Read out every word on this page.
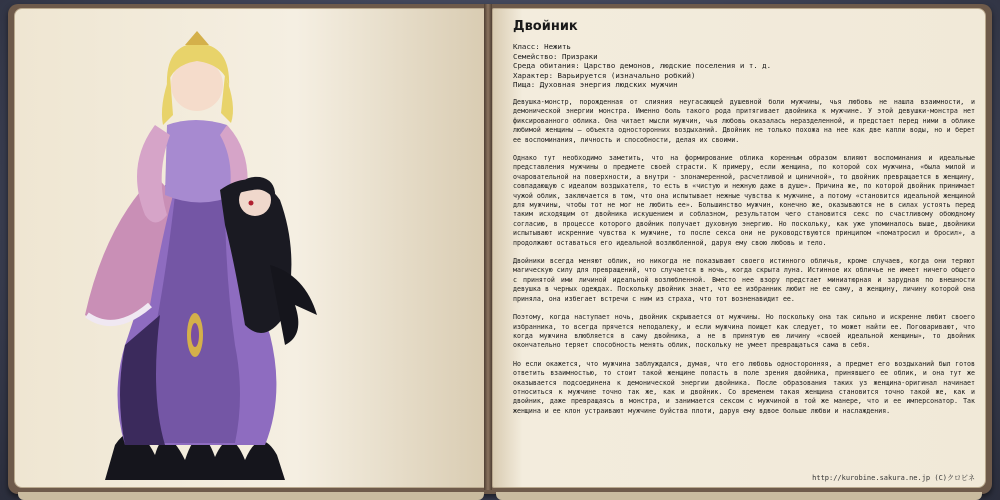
Двойник
Класс: Нежить
Семейство: Призраки
Среда обитания: Царство демонов, людские поселения и т. д.
Характер: Варьируется (изначально робкий)
Пища: Духовная энергия людских мужчин

Девушка-монстр, порожденная от слияния неугасающей душевной боли мужчины, чья любовь не нашла взаимности, и демонической энергии монстра. Именно боль такого рода притягивает двойника к мужчине. У этой девушки-монстра нет фиксированного облика. Она читает мысли мужчин, чья любовь оказалась неразделенной, и предстает перед ними в облике любимой женщины – объекта односторонних воздыханий. Двойник не только похожа на нее как две капли воды, но и берет ее воспоминания, личность и способности, делая их своими.

Однако тут необходимо заметить, что на формирование облика коренным образом влияют воспоминания и идеальные представления мужчины о предмете своей страсти. К примеру, если женщина, по которой сох мужчина, «была милой и очаровательной на поверхности, а внутри - злонамеренной, расчетливой и циничной», то двойник превращается в женщину, совпадающую с идеалом воздыхателя, то есть в «чистую и нежную даже в душе». Причина же, по которой двойник принимает чужой облик, заключается в том, что она испытывает нежные чувства к мужчине, а потому «становится идеальной женщиной для мужчины, чтобы тот не мог не любить ее». Большинство мужчин, конечно же, оказываются не в силах устоять перед таким исходящим от двойника искушением и соблазном, результатом чего становится секс по счастливому обоюдному согласию, в процессе которого двойник получает духовную энергию. Но поскольку, как уже упоминалось выше, двойники испытывают искренние чувства к мужчине, то после секса они не руководствуются принципом «поматросил и бросил», а продолжают оставаться его идеальной возлюбленной, даруя ему свою любовь и тело.

Двойники всегда меняют облик, но никогда не показывают своего истинного обличья, кроме случаев, когда они теряют магическую силу для превращений, что случается в ночь, когда скрыта луна. Истинное их обличье не имеет ничего общего с принятой ими личиной идеальной возлюбленной. Вместо нее взору предстает миниатюрная и зарудная по внешности девушка в черных одеждах. Поскольку двойник знает, что ее избранник любит не ее саму, а женщину, личину которой она приняла, она избегает встречи с ним из страха, что тот возненавидит ее.

Поэтому, когда наступает ночь, двойник скрывается от мужчины. Но поскольку она так сильно и искренне любит своего избранника, то всегда прячется неподалеку, и если мужчина поищет как следует, то может найти ее. Поговаривают, что когда мужчина влюбляется в саму двойника, а не в принятую ею личину «своей идеальной женщины», то двойник окончательно теряет способность менять облик, поскольку не умеет превращаться сама в себя.

Но если окажется, что мужчина заблуждался, думая, что его любовь односторонняя, а предмет его воздыханий был готов ответить взаимностью, то стоит такой женщине попасть в поле зрения двойника, принявшего ее облик, и она тут же оказывается подсоединена к демонической энергии двойника. После образования таких уз женщина-оригинал начинает относиться к мужчине точно так же, как и двойник. Со временем такая женщина становится точно такой же, как и двойник, даже превращаясь в монстра, и занимается сексом с мужчиной в той же манере, что и ее имперсонатор. Так женщина и ее клон устраивают мужчине буйства плоти, даруя ему вдвое больше любви и наслаждения.

http://kurobine.sakura.ne.jp (C)クロビネ
